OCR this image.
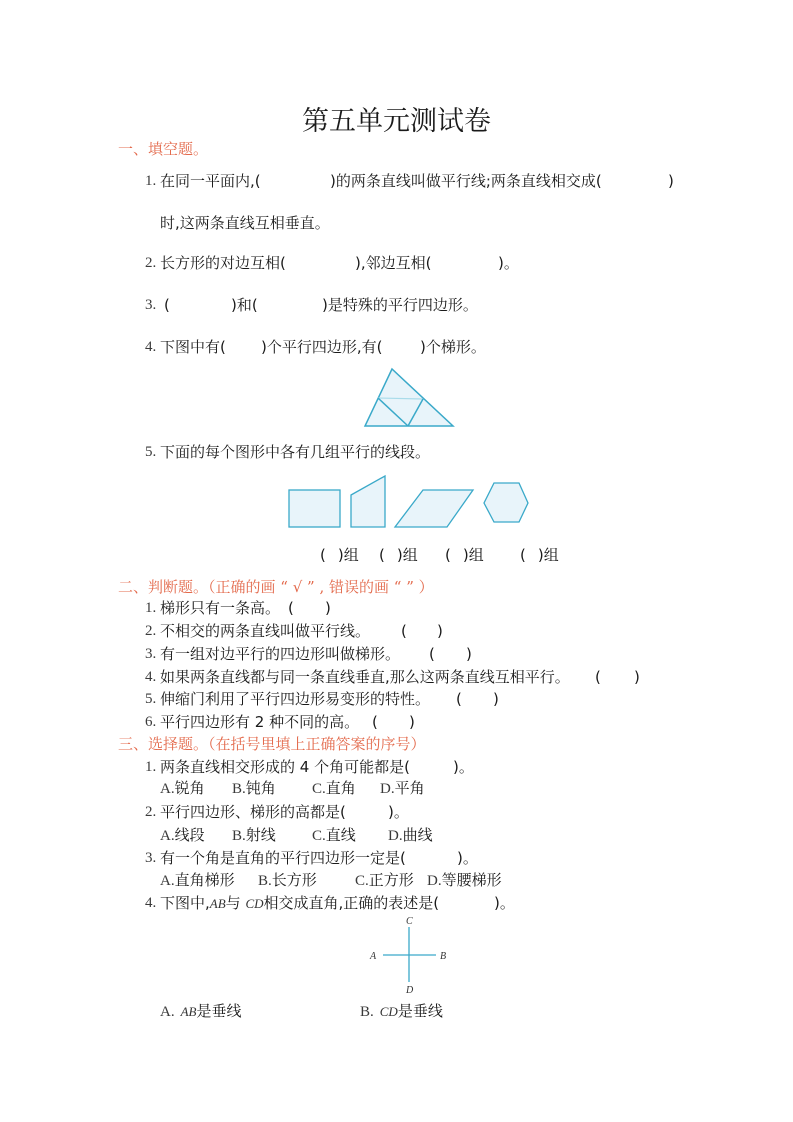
第五单元测试卷
一、填空题。
1. 在同一平面内,(	)的两条直线叫做平行线;两条直线相交成(	)
时,这两条直线互相垂直。
2. 长方形的对边互相(	),邻边互相(	)。
3. (	)和(	)是特殊的平行四边形。
4. 下图中有( )个平行四边形,有(	)个梯形。
5. 下面的每个图形中各有几组平行的线段。
( )组 ( )组 ( )组 ( )组
二、判断题。（正确的画 “ √ ” , 错误的画 “ ” ）
1. 梯形只有一条高。 ( )
2. 不相交的两条直线叫做平行线。 ( )
3. 有一组对边平行的四边形叫做梯形。 ( )
4. 如果两条直线都与同一条直线垂直,那么这两条直线互相平行。 ( )
5. 伸缩门利用了平行四边形易变形的特性。 ( )
6. 平行四边形有 2 种不同的高。 ( )
三、选择题。（在括号里填上正确答案的序号）
1. 两条直线相交形成的 4 个角可能都是(	)。
A.锐角 B.钝角 C.直角 D.平角
2. 平行四边形、梯形的高都是(	)。
A.线段 B.射线 C.直线 D.曲线
3. 有一个角是直角的平行四边形一定是(	)。
A.直角梯形 B.长方形	C.正方形 D.等腰梯形
4. 下图中,AB与 CD相交成直角,正确的表述是(	)。
C
A	B
D
A. AB是垂线	B. CD是垂线
